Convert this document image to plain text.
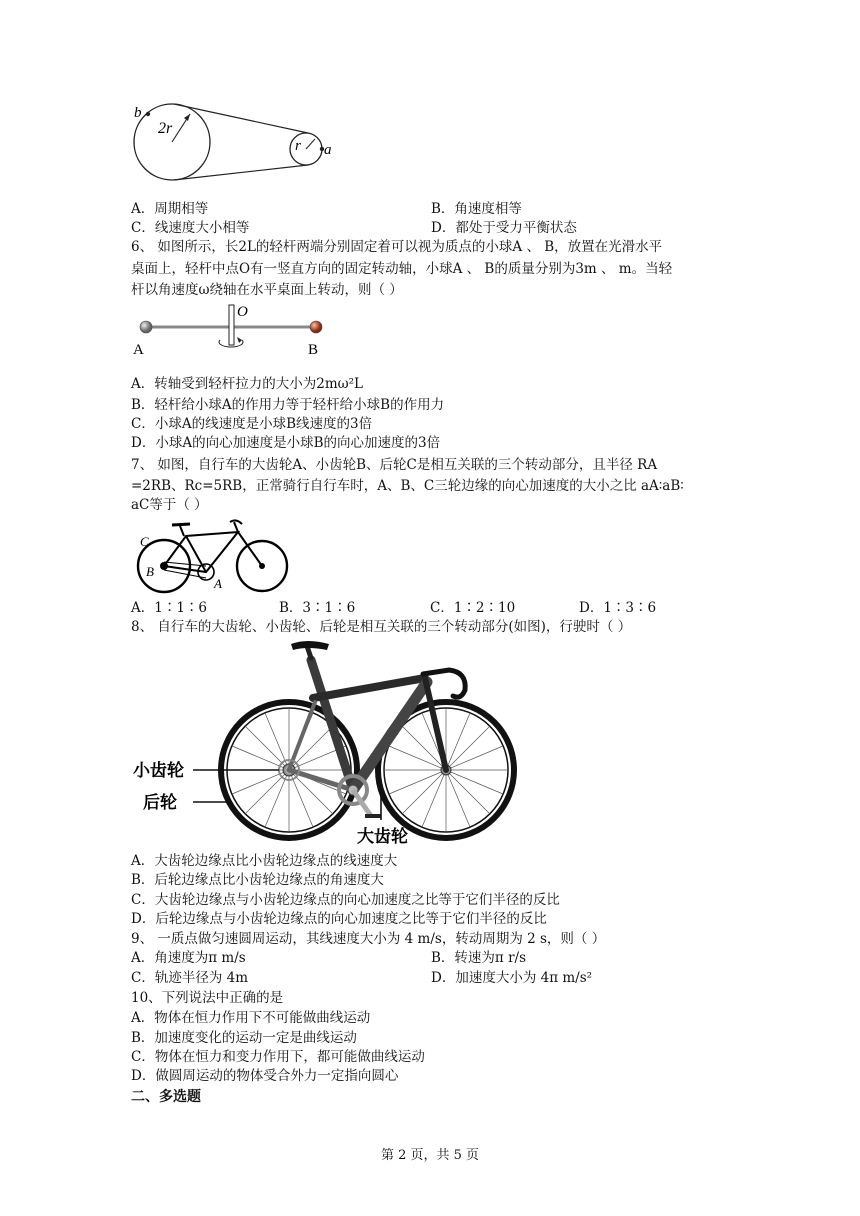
b
2r
r a
A．周期相等	B．角速度相等
C．线速度大小相等	D．都处于受力平衡状态
6、 如图所示，长2L的轻杆两端分别固定着可以视为质点的小球A 、 B，放置在光滑水平
桌面上，轻杆中点O有一竖直方向的固定转动轴，小球A 、 B的质量分别为3m 、 m。当轻
杆以角速度ω绕轴在水平桌面上转动，则（ ）
O
A	B
A．转轴受到轻杆拉力的大小为2mω²L
B．轻杆给小球A的作用力等于轻杆给小球B的作用力
C．小球A的线速度是小球B线速度的3倍
D．小球A的向心加速度是小球B的向心加速度的3倍
7、 如图，自行车的大齿轮A、小齿轮B、后轮C是相互关联的三个转动部分，且半径 RA
=2RB、Rc=5RB，正常骑行自行车时，A、B、C三轮边缘的向心加速度的大小之比 aA∶aB∶
aC等于（ ）
C
B
A
A．1∶1∶6	B．3∶1∶6	C．1∶2∶10	D．1∶3∶6
8、 自行车的大齿轮、小齿轮、后轮是相互关联的三个转动部分(如图)，行驶时（ ）
小齿轮
后轮
大齿轮
A．大齿轮边缘点比小齿轮边缘点的线速度大
B．后轮边缘点比小齿轮边缘点的角速度大
C．大齿轮边缘点与小齿轮边缘点的向心加速度之比等于它们半径的反比
D．后轮边缘点与小齿轮边缘点的向心加速度之比等于它们半径的反比
9、 一质点做匀速圆周运动，其线速度大小为 4 m/s，转动周期为 2 s，则（ ）
A．角速度为π m/s	B．转速为π r/s
C．轨迹半径为 4m	D．加速度大小为 4π m/s²
10、下列说法中正确的是
A．物体在恒力作用下不可能做曲线运动
B．加速度变化的运动一定是曲线运动
C．物体在恒力和变力作用下，都可能做曲线运动
D．做圆周运动的物体受合外力一定指向圆心
二、多选题
第 2 页，共 5 页
